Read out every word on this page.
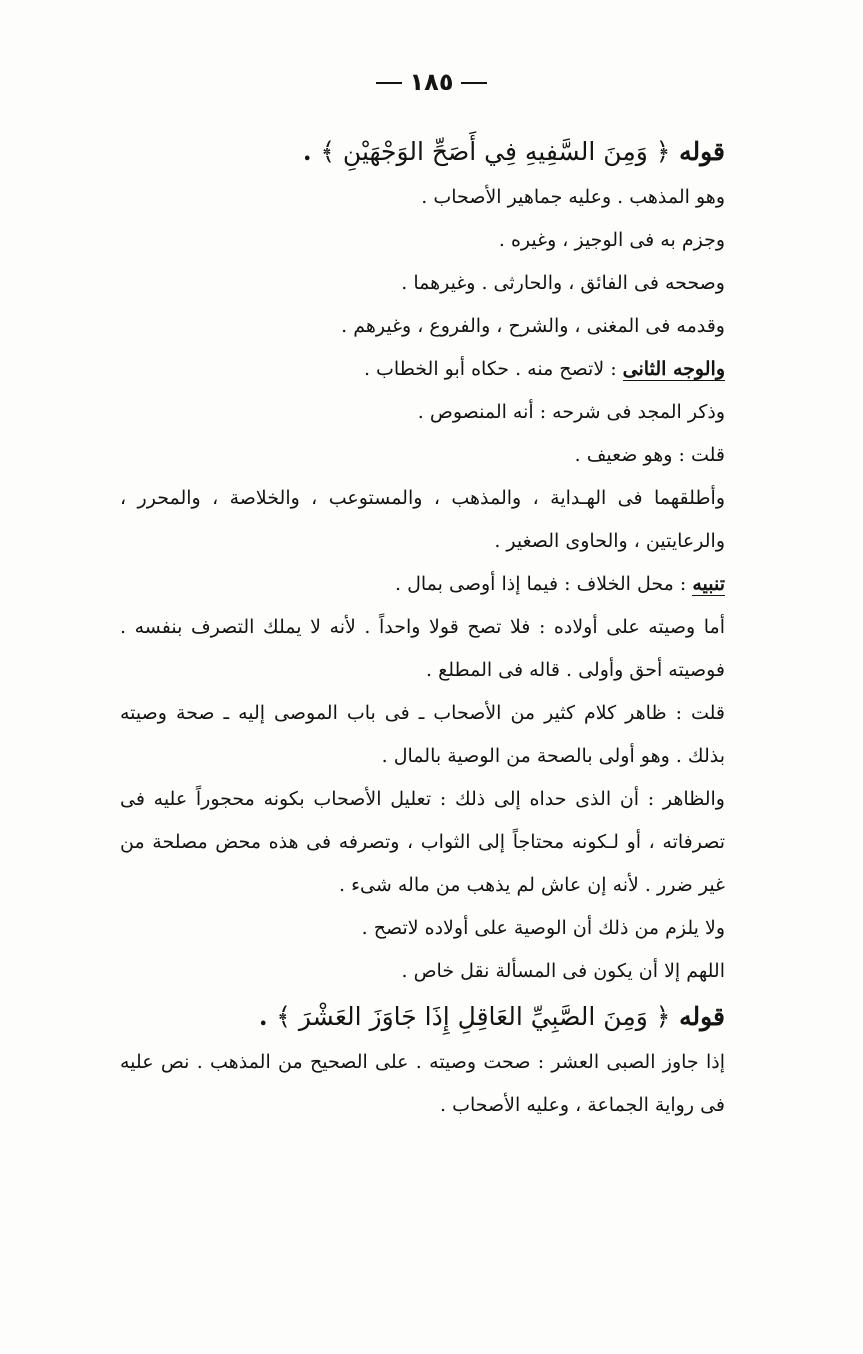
١٨٥

قوله ﴿ وَمِنَ السَّفِيهِ فِي أَصَحِّ الوَجْهَيْنِ ﴾ .

وهو المذهب . وعليه جماهير الأصحاب .

وجزم به فى الوجيز ، وغيره .

وصححه فى الفائق ، والحارثى . وغيرهما .

وقدمه فى المغنى ، والشرح ، والفروع ، وغيرهم .

والوجه الثانى : لاتصح منه . حكاه أبو الخطاب .

وذكر المجد فى شرحه : أنه المنصوص .

قلت : وهو ضعيف .

وأطلقهما فى الهـداية ، والمذهب ، والمستوعب ، والخلاصة ، والمحرر ، والرعايتين ، والحاوى الصغير .

تنبيه : محل الخلاف : فيما إذا أوصى بمال .

أما وصيته على أولاده : فلا تصح قولا واحداً . لأنه لا يملك التصرف بنفسه . فوصيته أحق وأولى . قاله فى المطلع .

قلت : ظاهر كلام كثير من الأصحاب ـ فى باب الموصى إليه ـ صحة وصيته بذلك . وهو أولى بالصحة من الوصية بالمال .

والظاهر : أن الذى حداه إلى ذلك : تعليل الأصحاب بكونه محجوراً عليه فى تصرفاته ، أو لـكونه محتاجاً إلى الثواب ، وتصرفه فى هذه محض مصلحة من غير ضرر . لأنه إن عاش لم يذهب من ماله شىء .

ولا يلزم من ذلك أن الوصية على أولاده لاتصح .

اللهم إلا أن يكون فى المسألة نقل خاص .

قوله ﴿ وَمِنَ الصَّبِيِّ العَاقِلِ إِذَا جَاوَزَ العَشْرَ ﴾ .

إذا جاوز الصبى العشر : صحت وصيته . على الصحيح من المذهب . نص عليه فى رواية الجماعة ، وعليه الأصحاب .
